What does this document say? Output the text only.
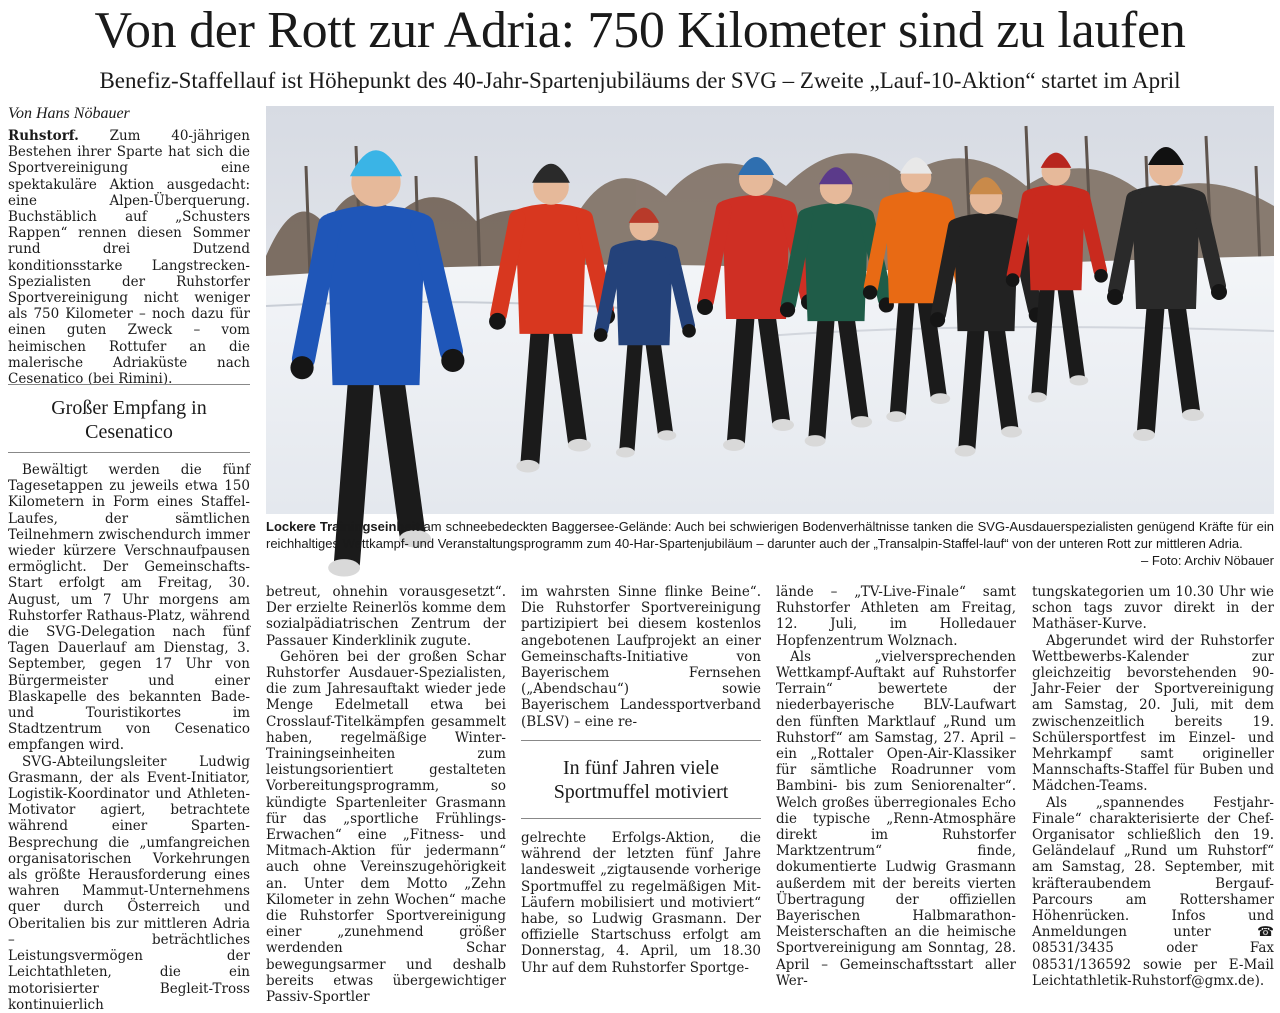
Von der Rott zur Adria: 750 Kilometer sind zu laufen
Benefiz-Staffellauf ist Höhepunkt des 40-Jahr-Spartenjubiläums der SVG – Zweite „Lauf-10-Aktion“ startet im April
Von Hans Nöbauer
Lockere Trainingseinheit am schneebedeckten Baggersee-Gelände: Auch bei schwierigen Bodenverhältnisse tanken die SVG-Ausdauerspezialisten genügend Kräfte für ein reichhaltiges Wettkampf- und Veranstaltungsprogramm zum 40-Har-Spartenjubiläum – darunter auch der „Transalpin-Staffel-lauf“ von der unteren Rott zur mittleren Adria.
– Foto: Archiv Nöbauer

Ruhstorf. Zum 40-jährigen Bestehen ihrer Sparte hat sich die Sportvereinigung eine spektakuläre Aktion ausgedacht: eine Alpen-Überquerung. Buchstäblich auf „Schusters Rappen“ rennen diesen Sommer rund drei Dutzend konditionsstarke Langstrecken-Spezialisten der Ruhstorfer Sportvereinigung nicht weniger als 750 Kilometer – noch dazu für einen guten Zweck – vom heimischen Rottufer an die malerische Adriaküste nach Cesenatico (bei Rimini).

Großer Empfang in Cesenatico

Bewältigt werden die fünf Tagesetappen zu jeweils etwa 150 Kilometern in Form eines Staffel-Laufes, der sämtlichen Teilnehmern zwischendurch immer wieder kürzere Verschnaufpausen ermöglicht. Der Gemeinschafts-Start erfolgt am Freitag, 30. August, um 7 Uhr morgens am Ruhstorfer Rathaus-Platz, während die SVG-Delegation nach fünf Tagen Dauerlauf am Dienstag, 3. September, gegen 17 Uhr von Bürgermeister und einer Blaskapelle des bekannten Bade- und Touristikortes im Stadtzentrum von Cesenatico empfangen wird.

SVG-Abteilungsleiter Ludwig Grasmann, der als Event-Initiator, Logistik-Koordinator und Athleten-Motivator agiert, betrachtete während einer Sparten-Besprechung die „umfangreichen organisatorischen Vorkehrungen als größte Herausforderung eines wahren Mammut-Unternehmens quer durch Österreich und Oberitalien bis zur mittleren Adria – beträchtliches Leistungsvermögen der Leichtathleten, die ein motorisierter Begleit-Tross kontinuierlich

betreut, ohnehin vorausgesetzt“. Der erzielte Reinerlös komme dem sozialpädiatrischen Zentrum der Passauer Kinderklinik zugute.

Gehören bei der großen Schar Ruhstorfer Ausdauer-Spezialisten, die zum Jahresauftakt wieder jede Menge Edelmetall etwa bei Crosslauf-Titelkämpfen gesammelt haben, regelmäßige Winter-Trainingseinheiten zum leistungsorientiert gestalteten Vorbereitungsprogramm, so kündigte Spartenleiter Grasmann für das „sportliche Frühlings-Erwachen“ eine „Fitness- und Mitmach-Aktion für jedermann“ auch ohne Vereinszugehörigkeit an. Unter dem Motto „Zehn Kilometer in zehn Wochen“ mache die Ruhstorfer Sportvereinigung einer „zunehmend größer werdenden Schar bewegungsarmer und deshalb bereits etwas übergewichtiger Passiv-Sportler

im wahrsten Sinne flinke Beine“. Die Ruhstorfer Sportvereinigung partizipiert bei diesem kostenlos angebotenen Laufprojekt an einer Gemeinschafts-Initiative von Bayerischem Fernsehen („Abendschau“) sowie Bayerischem Landessportverband (BLSV) – eine re-

In fünf Jahren viele Sportmuffel motiviert

gelrechte Erfolgs-Aktion, die während der letzten fünf Jahre landesweit „zigtausende vorherige Sportmuffel zu regelmäßigen Mit-Läufern mobilisiert und motiviert“ habe, so Ludwig Grasmann. Der offizielle Startschuss erfolgt am Donnerstag, 4. April, um 18.30 Uhr auf dem Ruhstorfer Sportge-

lände – „TV-Live-Finale“ samt Ruhstorfer Athleten am Freitag, 12. Juli, im Holledauer Hopfenzentrum Wolznach.

Als „vielversprechenden Wettkampf-Auftakt auf Ruhstorfer Terrain“ bewertete der niederbayerische BLV-Laufwart den fünften Marktlauf „Rund um Ruhstorf“ am Samstag, 27. April – ein „Rottaler Open-Air-Klassiker für sämtliche Roadrunner vom Bambini- bis zum Seniorenalter“. Welch großes überregionales Echo die typische „Renn-Atmosphäre direkt im Ruhstorfer Marktzentrum“ finde, dokumentierte Ludwig Grasmann außerdem mit der bereits vierten Übertragung der offiziellen Bayerischen Halbmarathon-Meisterschaften an die heimische Sportvereinigung am Sonntag, 28. April – Gemeinschaftsstart aller Wer-

tungskategorien um 10.30 Uhr wie schon tags zuvor direkt in der Mathäser-Kurve.

Abgerundet wird der Ruhstorfer Wettbewerbs-Kalender zur gleichzeitig bevorstehenden 90-Jahr-Feier der Sportvereinigung am Samstag, 20. Juli, mit dem zwischenzeitlich bereits 19. Schülersportfest im Einzel- und Mehrkampf samt origineller Mannschafts-Staffel für Buben und Mädchen-Teams.

Als „spannendes Festjahr-Finale“ charakterisierte der Chef-Organisator schließlich den 19. Geländelauf „Rund um Ruhstorf“ am Samstag, 28. September, mit kräfteraubendem Bergauf-Parcours am Rottershamer Höhenrücken. Infos und Anmeldungen unter ☎ 08531/3435 oder Fax 08531/136592 sowie per E-Mail Leichtathletik-Ruhstorf@gmx.de).
